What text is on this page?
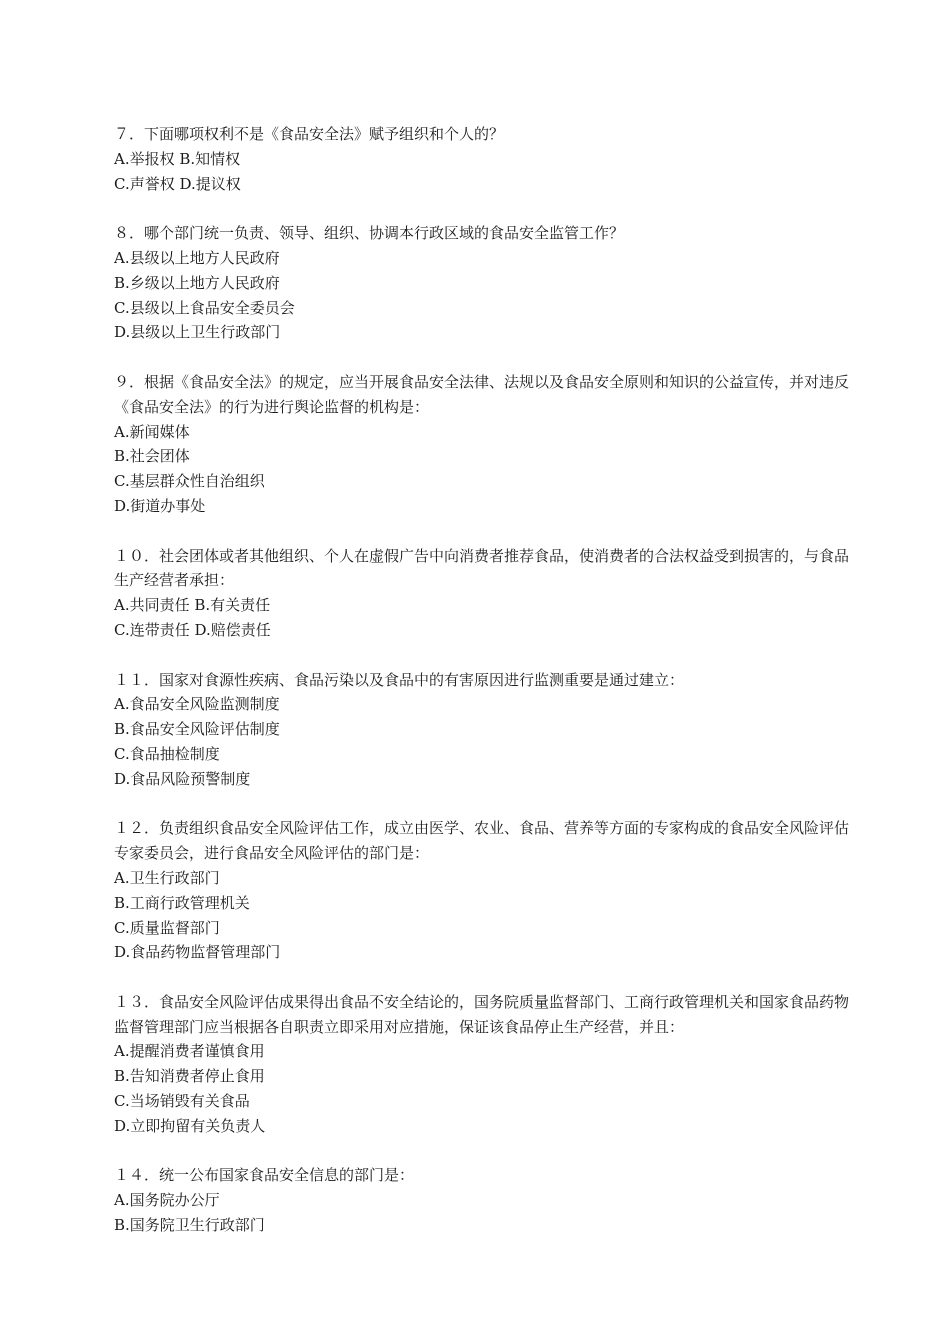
７．下面哪项权利不是《食品安全法》赋予组织和个人的？
A.举报权 B.知情权
C.声誉权 D.提议权
８．哪个部门统一负责、领导、组织、协调本行政区域的食品安全监管工作？
A.县级以上地方人民政府
B.乡级以上地方人民政府
C.县级以上食品安全委员会
D.县级以上卫生行政部门
９．根据《食品安全法》的规定，应当开展食品安全法律、法规以及食品安全原则和知识的公益宣传，并对违反《食品安全法》的行为进行舆论监督的机构是：
A.新闻媒体
B.社会团体
C.基层群众性自治组织
D.街道办事处
１０．社会团体或者其他组织、个人在虚假广告中向消费者推荐食品，使消费者的合法权益受到损害的，与食品生产经营者承担：
A.共同责任 B.有关责任
C.连带责任 D.赔偿责任
１１．国家对食源性疾病、食品污染以及食品中的有害原因进行监测重要是通过建立：
A.食品安全风险监测制度
B.食品安全风险评估制度
C.食品抽检制度
D.食品风险预警制度
１２．负责组织食品安全风险评估工作，成立由医学、农业、食品、营养等方面的专家构成的食品安全风险评估专家委员会，进行食品安全风险评估的部门是：
A.卫生行政部门
B.工商行政管理机关
C.质量监督部门
D.食品药物监督管理部门
１３．食品安全风险评估成果得出食品不安全结论的，国务院质量监督部门、工商行政管理机关和国家食品药物监督管理部门应当根据各自职责立即采用对应措施，保证该食品停止生产经营，并且：
A.提醒消费者谨慎食用
B.告知消费者停止食用
C.当场销毁有关食品
D.立即拘留有关负责人
１４．统一公布国家食品安全信息的部门是：
A.国务院办公厅
B.国务院卫生行政部门
